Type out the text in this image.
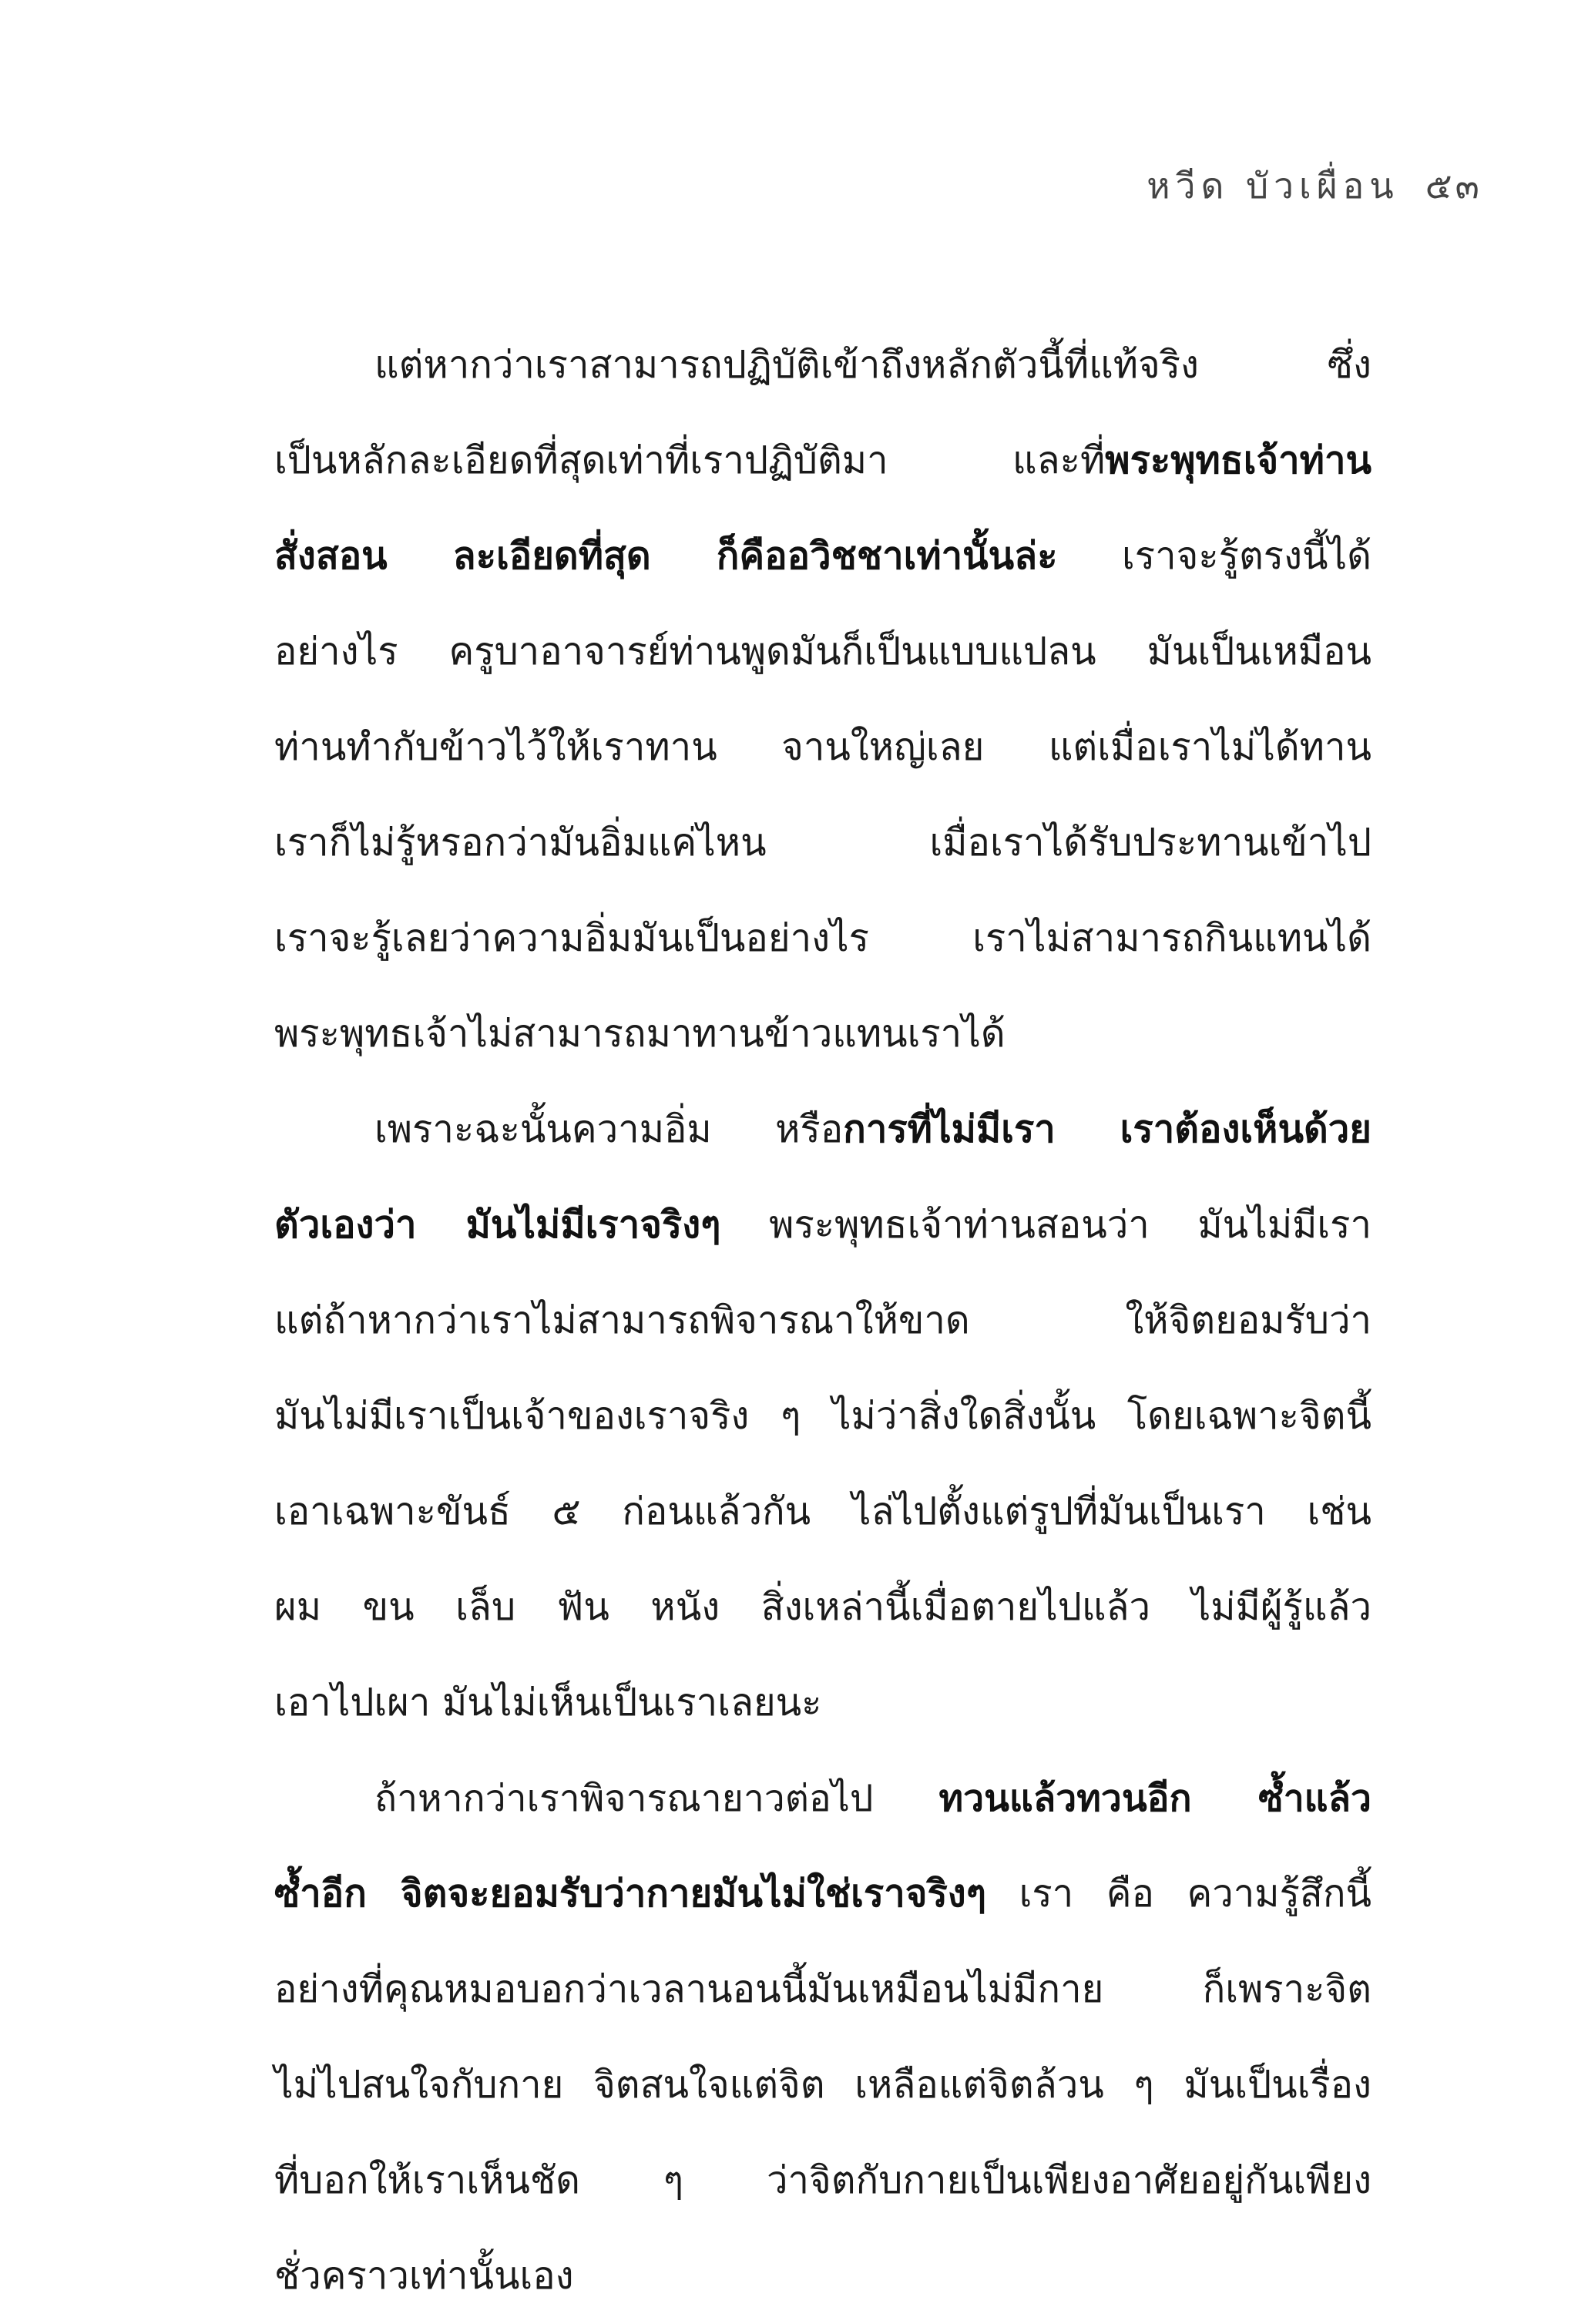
หวีด บัวเผื่อน ๕๓
แต่หากว่าเราสามารถปฏิบัติเข้าถึงหลักตัวนี้ที่แท้จริง ซึ่ง
เป็นหลักละเอียดที่สุดเท่าที่เราปฏิบัติมา และที่พระพุทธเจ้าท่าน
สั่งสอน ละเอียดที่สุด ก็คืออวิชชาเท่านั้นล่ะ เราจะรู้ตรงนี้ได้
อย่างไร ครูบาอาจารย์ท่านพูดมันก็เป็นแบบแปลน มันเป็นเหมือน
ท่านทำกับข้าวไว้ให้เราทาน จานใหญ่เลย แต่เมื่อเราไม่ได้ทาน
เราก็ไม่รู้หรอกว่ามันอิ่มแค่ไหน เมื่อเราได้รับประทานเข้าไป
เราจะรู้เลยว่าความอิ่มมันเป็นอย่างไร เราไม่สามารถกินแทนได้
พระพุทธเจ้าไม่สามารถมาทานข้าวแทนเราได้
เพราะฉะนั้นความอิ่ม หรือการที่ไม่มีเรา เราต้องเห็นด้วย
ตัวเองว่า มันไม่มีเราจริงๆ พระพุทธเจ้าท่านสอนว่า มันไม่มีเรา
แต่ถ้าหากว่าเราไม่สามารถพิจารณาให้ขาด ให้จิตยอมรับว่า
มันไม่มีเราเป็นเจ้าของเราจริง ๆ ไม่ว่าสิ่งใดสิ่งนั้น โดยเฉพาะจิตนี้
เอาเฉพาะขันธ์ ๕ ก่อนแล้วกัน ไล่ไปตั้งแต่รูปที่มันเป็นเรา เช่น
ผม ขน เล็บ ฟัน หนัง สิ่งเหล่านี้เมื่อตายไปแล้ว ไม่มีผู้รู้แล้ว
เอาไปเผา มันไม่เห็นเป็นเราเลยนะ
ถ้าหากว่าเราพิจารณายาวต่อไป ทวนแล้วทวนอีก ซ้ำแล้ว
ซ้ำอีก จิตจะยอมรับว่ากายมันไม่ใช่เราจริงๆ เรา คือ ความรู้สึกนี้
อย่างที่คุณหมอบอกว่าเวลานอนนี้มันเหมือนไม่มีกาย ก็เพราะจิต
ไม่ไปสนใจกับกาย จิตสนใจแต่จิต เหลือแต่จิตล้วน ๆ มันเป็นเรื่อง
ที่บอกให้เราเห็นชัด ๆ ว่าจิตกับกายเป็นเพียงอาศัยอยู่กันเพียง
ชั่วคราวเท่านั้นเอง
